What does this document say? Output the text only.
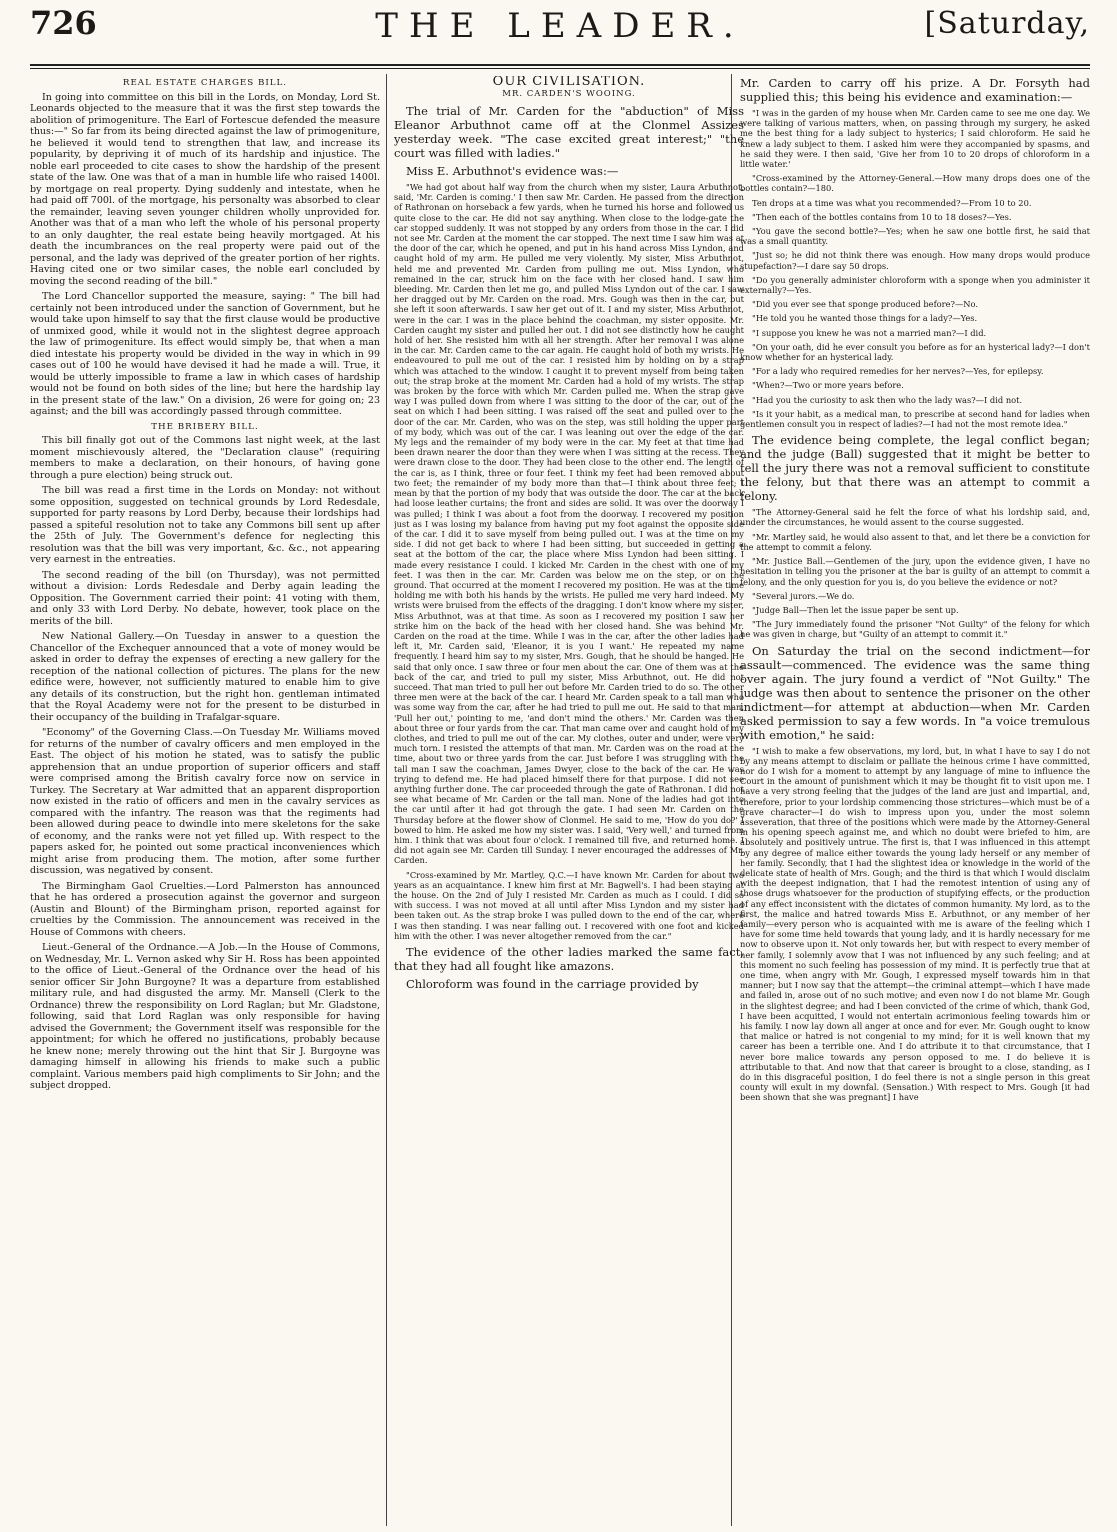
726	THE LEADER.	[Saturday,
REAL ESTATE CHARGES BILL.

In going into committee on this bill in the Lords, on Monday, Lord St. Leonards objected to the measure that it was the first step towards the abolition of primogeniture. The Earl of Fortescue defended the measure thus:—" So far from its being directed against the law of primogeniture, he believed it would tend to strengthen that law, and increase its popularity, by depriving it of much of its hardship and injustice. The noble earl proceeded to cite cases to show the hardship of the present state of the law. One was that of a man in humble life who raised 1400l. by mortgage on real property. Dying suddenly and intestate, when he had paid off 700l. of the mortgage, his personalty was absorbed to clear the remainder, leaving seven younger children wholly unprovided for. Another was that of a man who left the whole of his personal property to an only daughter, the real estate being heavily mortgaged. At his death the incumbrances on the real property were paid out of the personal, and the lady was deprived of the greater portion of her rights. Having cited one or two similar cases, the noble earl concluded by moving the second reading of the bill."

The Lord Chancellor supported the measure, saying: " The bill had certainly not been introduced under the sanction of Government, but he would take upon himself to say that the first clause would be productive of unmixed good, while it would not in the slightest degree approach the law of primogeniture. Its effect would simply be, that when a man died intestate his property would be divided in the way in which in 99 cases out of 100 he would have devised it had he made a will. True, it would be utterly impossible to frame a law in which cases of hardship would not be found on both sides of the line; but here the hardship lay in the present state of the law." On a division, 26 were for going on; 23 against; and the bill was accordingly passed through committee.

THE BRIBERY BILL.

This bill finally got out of the Commons last night week, at the last moment mischievously altered, the "Declaration clause" (requiring members to make a declaration, on their honours, of having gone through a pure election) being struck out.

The bill was read a first time in the Lords on Monday: not without some opposition, suggested on technical grounds by Lord Redesdale, supported for party reasons by Lord Derby, because their lordships had passed a spiteful resolution not to take any Commons bill sent up after the 25th of July. The Government's defence for neglecting this resolution was that the bill was very important, &c. &c., not appearing very earnest in the entreaties.

The second reading of the bill (on Thursday), was not permitted without a division: Lords Redesdale and Derby again leading the Opposition. The Government carried their point: 41 voting with them, and only 33 with Lord Derby. No debate, however, took place on the merits of the bill.

New National Gallery.—On Tuesday in answer to a question the Chancellor of the Exchequer announced that a vote of money would be asked in order to defray the expenses of erecting a new gallery for the reception of the national collection of pictures. The plans for the new edifice were, however, not sufficiently matured to enable him to give any details of its construction, but the right hon. gentleman intimated that the Royal Academy were not for the present to be disturbed in their occupancy of the building in Trafalgar-square.

"Economy" of the Governing Class.—On Tuesday Mr. Williams moved for returns of the number of cavalry officers and men employed in the East. The object of his motion he stated, was to satisfy the public apprehension that an undue proportion of superior officers and staff were comprised among the British cavalry force now on service in Turkey. The Secretary at War admitted that an apparent disproportion now existed in the ratio of officers and men in the cavalry services as compared with the infantry. The reason was that the regiments had been allowed during peace to dwindle into mere skeletons for the sake of economy, and the ranks were not yet filled up. With respect to the papers asked for, he pointed out some practical inconveniences which might arise from producing them. The motion, after some further discussion, was negatived by consent.

The Birmingham Gaol Cruelties.—Lord Palmerston has announced that he has ordered a prosecution against the governor and surgeon (Austin and Blount) of the Birmingham prison, reported against for cruelties by the Commission. The announcement was received in the House of Commons with cheers.

Lieut.-General of the Ordnance.—A Job.—In the House of Commons, on Wednesday, Mr. L. Vernon asked why Sir H. Ross has been appointed to the office of Lieut.-General of the Ordnance over the head of his senior officer Sir John Burgoyne? It was a departure from established military rule, and had disgusted the army. Mr. Mansell (Clerk to the Ordnance) threw the responsibility on Lord Raglan; but Mr. Gladstone, following, said that Lord Raglan was only responsible for having advised the Government; the Government itself was responsible for the appointment; for which he offered no justifications, probably because he knew none; merely throwing out the hint that Sir J. Burgoyne was damaging himself in allowing his friends to make such a public complaint. Various members paid high compliments to Sir John; and the subject dropped.

OUR CIVILISATION.
MR. CARDEN'S WOOING.

The trial of Mr. Carden for the "abduction" of Miss Eleanor Arbuthnot came off at the Clonmel Assizes yesterday week. "The case excited great interest;" "the court was filled with ladies."

Miss E. Arbuthnot's evidence was:—

"We had got about half way from the church when my sister, Laura Arbuthnot, said, 'Mr. Carden is coming.' I then saw Mr. Carden. He passed from the direction of Rathronan on horseback a few yards, when he turned his horse and followed us quite close to the car. He did not say anything. When close to the lodge-gate the car stopped suddenly. It was not stopped by any orders from those in the car. I did not see Mr. Carden at the moment the car stopped. The next time I saw him was at the door of the car, which he opened, and put in his hand across Miss Lyndon, and caught hold of my arm. He pulled me very violently. My sister, Miss Arbuthnot, held me and prevented Mr. Carden from pulling me out. Miss Lyndon, who remained in the car, struck him on the face with her closed hand. I saw him bleeding. Mr. Carden then let me go, and pulled Miss Lyndon out of the car. I saw her dragged out by Mr. Carden on the road. Mrs. Gough was then in the car, but she left it soon afterwards. I saw her get out of it. I and my sister, Miss Arbuthnot, were in the car. I was in the place behind the coachman, my sister opposite. Mr. Carden caught my sister and pulled her out. I did not see distinctly how he caught hold of her. She resisted him with all her strength. After her removal I was alone in the car. Mr. Carden came to the car again. He caught hold of both my wrists. He endeavoured to pull me out of the car. I resisted him by holding on by a strap which was attached to the window. I caught it to prevent myself from being taken out; the strap broke at the moment Mr. Carden had a hold of my wrists. The strap was broken by the force with which Mr. Carden pulled me. When the strap gave way I was pulled down from where I was sitting to the door of the car, out of the seat on which I had been sitting. I was raised off the seat and pulled over to the door of the car. Mr. Carden, who was on the step, was still holding the upper part of my body, which was out of the car. I was leaning out over the edge of the car. My legs and the remainder of my body were in the car. My feet at that time had been drawn nearer the door than they were when I was sitting at the recess. They were drawn close to the door. They had been close to the other end. The length of the car is, as I think, three or four feet. I think my feet had been removed about two feet; the remainder of my body more than that—I think about three feet; I mean by that the portion of my body that was outside the door. The car at the back had loose leather curtains; the front and sides are solid. It was over the doorway I was pulled; I think I was about a foot from the doorway. I recovered my position just as I was losing my balance from having put my foot against the opposite side of the car. I did it to save myself from being pulled out. I was at the time on my side. I did not get back to where I had been sitting, but succeeded in getting a seat at the bottom of the car, the place where Miss Lyndon had been sitting. I made every resistance I could. I kicked Mr. Carden in the chest with one of my feet. I was then in the car. Mr. Carden was below me on the step, or on the ground. That occurred at the moment I recovered my position. He was at the time holding me with both his hands by the wrists. He pulled me very hard indeed. My wrists were bruised from the effects of the dragging. I don't know where my sister, Miss Arbuthnot, was at that time. As soon as I recovered my position I saw her strike him on the back of the head with her closed hand. She was behind Mr. Carden on the road at the time. While I was in the car, after the other ladies had left it, Mr. Carden said, 'Eleanor, it is you I want.' He repeated my name frequently. I heard him say to my sister, Mrs. Gough, that he should be hanged. He said that only once. I saw three or four men about the car. One of them was at the back of the car, and tried to pull my sister, Miss Arbuthnot, out. He did not succeed. That man tried to pull her out before Mr. Carden tried to do so. The other three men were at the back of the car. I heard Mr. Carden speak to a tall man who was some way from the car, after he had tried to pull me out. He said to that man, 'Pull her out,' pointing to me, 'and don't mind the others.' Mr. Carden was then about three or four yards from the car. That man came over and caught hold of my clothes, and tried to pull me out of the car. My clothes, outer and under, were very much torn. I resisted the attempts of that man. Mr. Carden was on the road at the time, about two or three yards from the car. Just before I was struggling with the tall man I saw the coachman, James Dwyer, close to the back of the car. He was trying to defend me. He had placed himself there for that purpose. I did not see anything further done. The car proceeded through the gate of Rathronan. I did not see what became of Mr. Carden or the tall man. None of the ladies had got into the car until after it had got through the gate. I had seen Mr. Carden on the Thursday before at the flower show of Clonmel. He said to me, 'How do you do?' I bowed to him. He asked me how my sister was. I said, 'Very well,' and turned from him. I think that was about four o'clock. I remained till five, and returned home. I did not again see Mr. Carden till Sunday. I never encouraged the addresses of Mr. Carden.

"Cross-examined by Mr. Martley, Q.C.—I have known Mr. Carden for about two years as an acquaintance. I knew him first at Mr. Bagwell's. I had been staying at the house. On the 2nd of July I resisted Mr. Carden as much as I could. I did so with success. I was not moved at all until after Miss Lyndon and my sister had been taken out. As the strap broke I was pulled down to the end of the car, where I was then standing. I was near falling out. I recovered with one foot and kicked him with the other. I was never altogether removed from the car."

The evidence of the other ladies marked the same fact, that they had all fought like amazons.

Chloroform was found in the carriage provided by

Mr. Carden to carry off his prize. A Dr. Forsyth had supplied this; this being his evidence and examination:—

"I was in the garden of my house when Mr. Carden came to see me one day. We were talking of various matters, when, on passing through my surgery, he asked me the best thing for a lady subject to hysterics; I said chloroform. He said he knew a lady subject to them. I asked him were they accompanied by spasms, and he said they were. I then said, 'Give her from 10 to 20 drops of chloroform in a little water.'

"Cross-examined by the Attorney-General.—How many drops does one of the bottles contain?—180.

Ten drops at a time was what you recommended?—From 10 to 20.

"Then each of the bottles contains from 10 to 18 doses?—Yes.

"You gave the second bottle?—Yes; when he saw one bottle first, he said that was a small quantity.

"Just so; he did not think there was enough. How many drops would produce stupefaction?—I dare say 50 drops.

"Do you generally administer chloroform with a sponge when you administer it externally?—Yes.

"Did you ever see that sponge produced before?—No.

"He told you he wanted those things for a lady?—Yes.

"I suppose you knew he was not a married man?—I did.

"On your oath, did he ever consult you before as for an hysterical lady?—I don't know whether for an hysterical lady.

"For a lady who required remedies for her nerves?—Yes, for epilepsy.

"When?—Two or more years before.

"Had you the curiosity to ask then who the lady was?—I did not.

"Is it your habit, as a medical man, to prescribe at second hand for ladies when gentlemen consult you in respect of ladies?—I had not the most remote idea."

The evidence being complete, the legal conflict began; and the judge (Ball) suggested that it might be better to tell the jury there was not a removal sufficient to constitute the felony, but that there was an attempt to commit a felony.

"The Attorney-General said he felt the force of what his lordship said, and, under the circumstances, he would assent to the course suggested.

"Mr. Martley said, he would also assent to that, and let there be a conviction for the attempt to commit a felony.

"Mr. Justice Ball.—Gentlemen of the jury, upon the evidence given, I have no hesitation in telling you the prisoner at the bar is guilty of an attempt to commit a felony, and the only question for you is, do you believe the evidence or not?

"Several jurors.—We do.

"Judge Ball—Then let the issue paper be sent up.

"The Jury immediately found the prisoner "Not Guilty" of the felony for which he was given in charge, but "Guilty of an attempt to commit it."

On Saturday the trial on the second indictment—for assault—commenced. The evidence was the same thing over again. The jury found a verdict of "Not Guilty." The judge was then about to sentence the prisoner on the other indictment—for attempt at abduction—when Mr. Carden asked permission to say a few words. In "a voice tremulous with emotion," he said:

"I wish to make a few observations, my lord, but, in what I have to say I do not by any means attempt to disclaim or palliate the heinous crime I have committed, nor do I wish for a moment to attempt by any language of mine to influence the Court in the amount of punishment which it may be thought fit to visit upon me. I have a very strong feeling that the judges of the land are just and impartial, and, therefore, prior to your lordship commencing those strictures—which must be of a grave character—I do wish to impress upon you, under the most solemn asseveration, that three of the positions which were made by the Attorney-General in his opening speech against me, and which no doubt were briefed to him, are absolutely and positively untrue. The first is, that I was influenced in this attempt by any degree of malice either towards the young lady herself or any member of her family. Secondly, that I had the slightest idea or knowledge in the world of the delicate state of health of Mrs. Gough; and the third is that which I would disclaim with the deepest indignation, that I had the remotest intention of using any of those drugs whatsoever for the production of stupifying effects, or the production of any effect inconsistent with the dictates of common humanity. My lord, as to the first, the malice and hatred towards Miss E. Arbuthnot, or any member of her family—every person who is acquainted with me is aware of the feeling which I have for some time held towards that young lady, and it is hardly necessary for me now to observe upon it. Not only towards her, but with respect to every member of her family, I solemnly avow that I was not influenced by any such feeling; and at this moment no such feeling has possession of my mind. It is perfectly true that at one time, when angry with Mr. Gough, I expressed myself towards him in that manner; but I now say that the attempt—the criminal attempt—which I have made and failed in, arose out of no such motive; and even now I do not blame Mr. Gough in the slightest degree; and had I been convicted of the crime of which, thank God, I have been acquitted, I would not entertain acrimonious feeling towards him or his family. I now lay down all anger at once and for ever. Mr. Gough ought to know that malice or hatred is not congenial to my mind; for it is well known that my career has been a terrible one. And I do attribute it to that circumstance, that I never bore malice towards any person opposed to me. I do believe it is attributable to that. And now that that career is brought to a close, standing, as I do in this disgraceful position, I do feel there is not a single person in this great county will exult in my downfal. (Sensation.) With respect to Mrs. Gough [it had been shown that she was pregnant] I have
